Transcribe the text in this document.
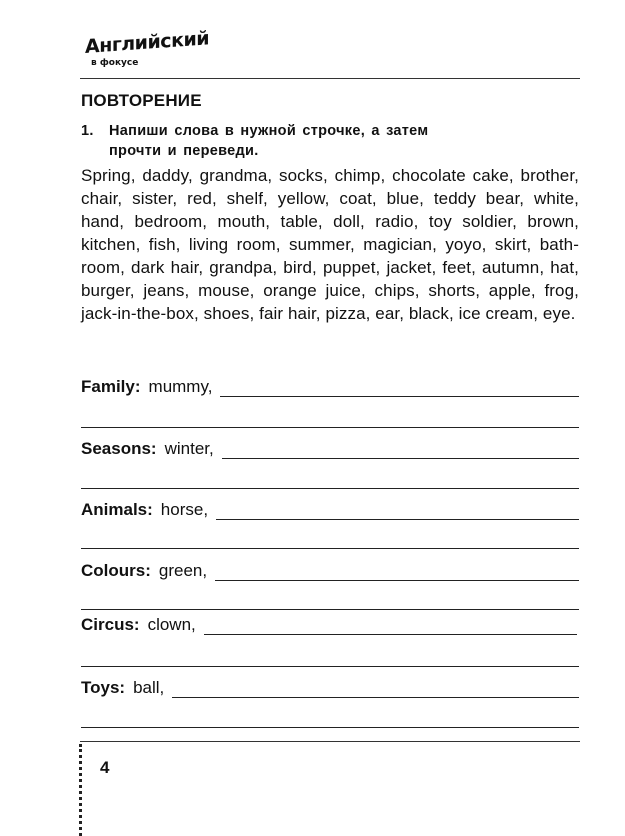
Английский
в фокусе
ПОВТОРЕНИЕ
1. Напиши слова в нужной строчке, а затем
прочти и переведи.
Spring, daddy, grandma, socks, chimp, chocolate cake, brother, chair, sister, red, shelf, yellow, coat, blue, teddy bear, white, hand, bedroom, mouth, table, doll, radio, toy soldier, brown, kitchen, fish, living room, summer, magician, yoyo, skirt, bath-room, dark hair, grandpa, bird, puppet, jacket, feet, autumn, hat, burger, jeans, mouse, orange juice, chips, shorts, apple, frog, jack-in-the-box, shoes, fair hair, pizza, ear, black, ice cream, eye.
Family: mummy,
Seasons: winter,
Animals: horse,
Colours: green,
Circus: clown,
Toys: ball,
4
